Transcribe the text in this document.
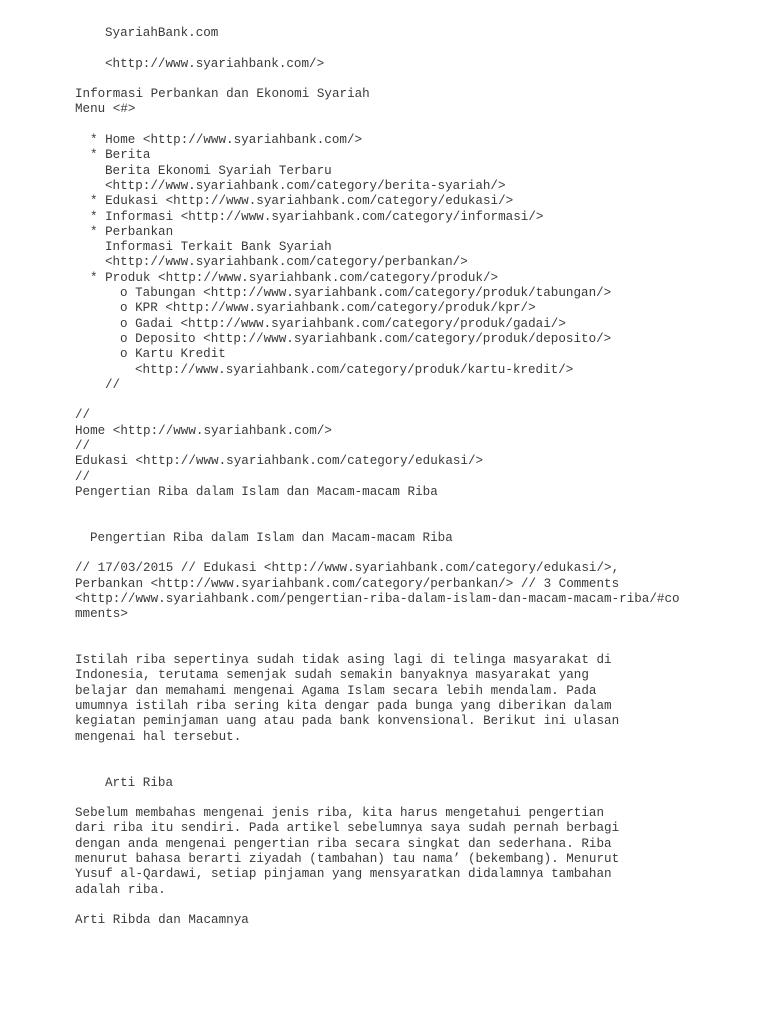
SyariahBank.com
<http://www.syariahbank.com/>
Informasi Perbankan dan Ekonomi Syariah
Menu <#>
* Home <http://www.syariahbank.com/>
* Berita
Berita Ekonomi Syariah Terbaru
<http://www.syariahbank.com/category/berita-syariah/>
* Edukasi <http://www.syariahbank.com/category/edukasi/>
* Informasi <http://www.syariahbank.com/category/informasi/>
* Perbankan
Informasi Terkait Bank Syariah
<http://www.syariahbank.com/category/perbankan/>
* Produk <http://www.syariahbank.com/category/produk/>
o Tabungan <http://www.syariahbank.com/category/produk/tabungan/>
o KPR <http://www.syariahbank.com/category/produk/kpr/>
o Gadai <http://www.syariahbank.com/category/produk/gadai/>
o Deposito <http://www.syariahbank.com/category/produk/deposito/>
o Kartu Kredit
<http://www.syariahbank.com/category/produk/kartu-kredit/>
//
//
Home <http://www.syariahbank.com/>
//
Edukasi <http://www.syariahbank.com/category/edukasi/>
//
Pengertian Riba dalam Islam dan Macam-macam Riba
Pengertian Riba dalam Islam dan Macam-macam Riba
// 17/03/2015 // Edukasi <http://www.syariahbank.com/category/edukasi/>,
Perbankan <http://www.syariahbank.com/category/perbankan/> // 3 Comments
<http://www.syariahbank.com/pengertian-riba-dalam-islam-dan-macam-macam-riba/#co
mments>
Istilah riba sepertinya sudah tidak asing lagi di telinga masyarakat di
Indonesia, terutama semenjak sudah semakin banyaknya masyarakat yang
belajar dan memahami mengenai Agama Islam secara lebih mendalam. Pada
umumnya istilah riba sering kita dengar pada bunga yang diberikan dalam
kegiatan peminjaman uang atau pada bank konvensional. Berikut ini ulasan
mengenai hal tersebut.
Arti Riba
Sebelum membahas mengenai jenis riba, kita harus mengetahui pengertian
dari riba itu sendiri. Pada artikel sebelumnya saya sudah pernah berbagi
dengan anda mengenai pengertian riba secara singkat dan sederhana. Riba
menurut bahasa berarti ziyadah (tambahan) tau nama’ (bekembang). Menurut
Yusuf al-Qardawi, setiap pinjaman yang mensyaratkan didalamnya tambahan
adalah riba.
Arti Ribda dan Macamnya
